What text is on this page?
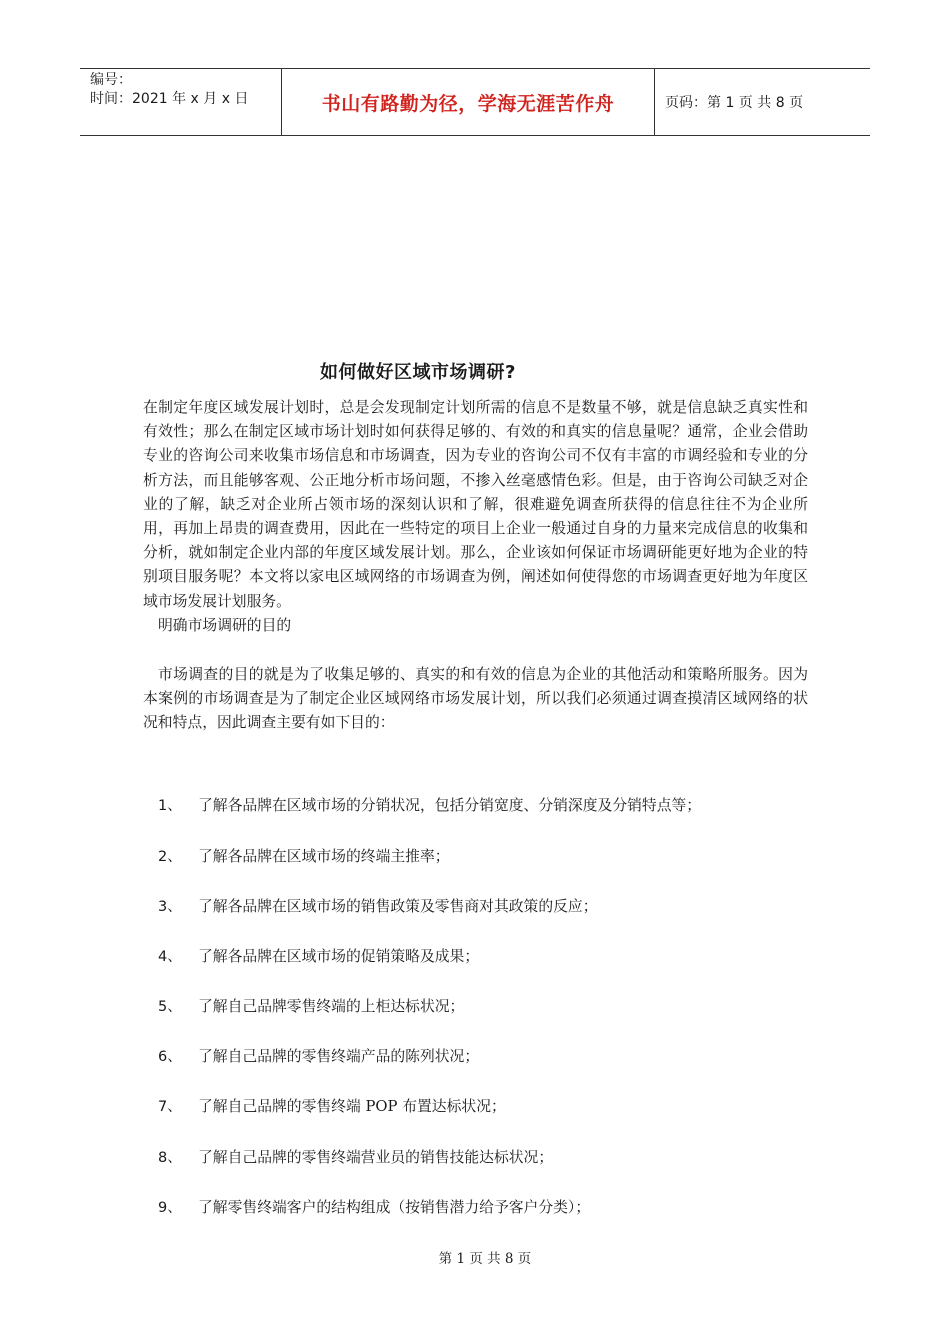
编号：
时间：2021 年 x 月 x 日	书山有路勤为径，学海无涯苦作舟	页码：第 1 页 共 8 页
如何做好区域市场调研?

在制定年度区域发展计划时，总是会发现制定计划所需的信息不是数量不够，就是信息缺乏真实性和有效性；那么在制定区域市场计划时如何获得足够的、有效的和真实的信息量呢？通常，企业会借助专业的咨询公司来收集市场信息和市场调查，因为专业的咨询公司不仅有丰富的市调经验和专业的分析方法，而且能够客观、公正地分析市场问题，不掺入丝毫感情色彩。但是，由于咨询公司缺乏对企业的了解，缺乏对企业所占领市场的深刻认识和了解，很难避免调查所获得的信息往往不为企业所用，再加上昂贵的调查费用，因此在一些特定的项目上企业一般通过自身的力量来完成信息的收集和分析，就如制定企业内部的年度区域发展计划。那么，企业该如何保证市场调研能更好地为企业的特别项目服务呢？本文将以家电区域网络的市场调查为例，阐述如何使得您的市场调查更好地为年度区域市场发展计划服务。

明确市场调研的目的

市场调查的目的就是为了收集足够的、真实的和有效的信息为企业的其他活动和策略所服务。因为本案例的市场调查是为了制定企业区域网络市场发展计划，所以我们必须通过调查摸清区域网络的状况和特点，因此调查主要有如下目的：

1、	了解各品牌在区域市场的分销状况，包括分销宽度、分销深度及分销特点等；
2、	了解各品牌在区域市场的终端主推率；
3、	了解各品牌在区域市场的销售政策及零售商对其政策的反应；
4、	了解各品牌在区域市场的促销策略及成果；
5、	了解自己品牌零售终端的上柜达标状况；
6、	了解自己品牌的零售终端产品的陈列状况；
7、	了解自己品牌的零售终端 POP 布置达标状况；
8、	了解自己品牌的零售终端营业员的销售技能达标状况；
9、	了解零售终端客户的结构组成（按销售潜力给予客户分类）；
第 1 页 共 8 页
